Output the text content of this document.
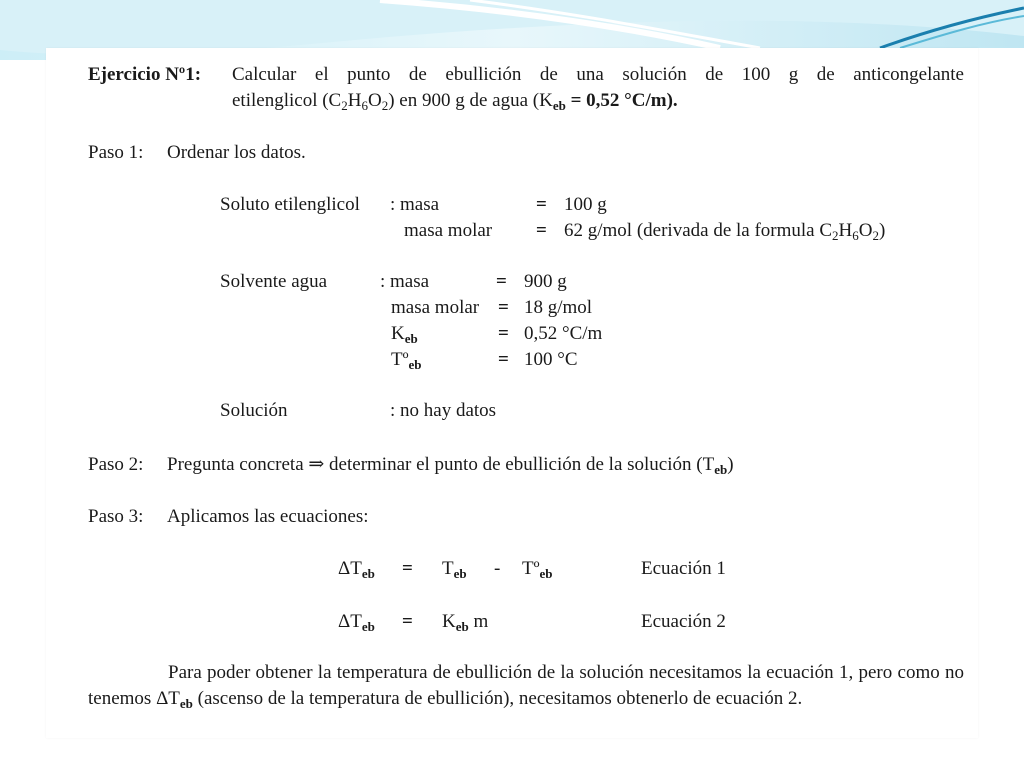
Ejercicio Nº1: Calcular el punto de ebullición de una solución de 100 g de anticongelante
etilenglicol $(C_2H_6O_2)$ en 900 g de agua ($K_{eb} = 0,52$ °C/m).
Paso 1: Ordenar los datos.
Soluto etilenglicol : masa	= 100 g
masa molar = 62 g/mol (derivada de la formula $C_2H_6O_2$)
Solvente agua	: masa	= 900 g
masa molar = 18 g/mol
$K_{eb}$	= 0,52 °C/m
Tº$_{eb}$	= 100 °C
Solución	: no hay datos
Paso 2: Pregunta concreta ⇒ determinar el punto de ebullición de la solución $(T_{eb})$
Paso 3: Aplicamos las ecuaciones:
$\Delta T_{eb} = T_{eb}$ - Tº$_{eb}$	Ecuación 1
$\Delta T_{eb} = K_{eb}$ m	Ecuación 2
Para poder obtener la temperatura de ebullición de la solución necesitamos la ecuación 1, pero como no tenemos $\Delta T_{eb}$ (ascenso de la temperatura de ebullición), necesitamos obtenerlo de ecuación 2.
